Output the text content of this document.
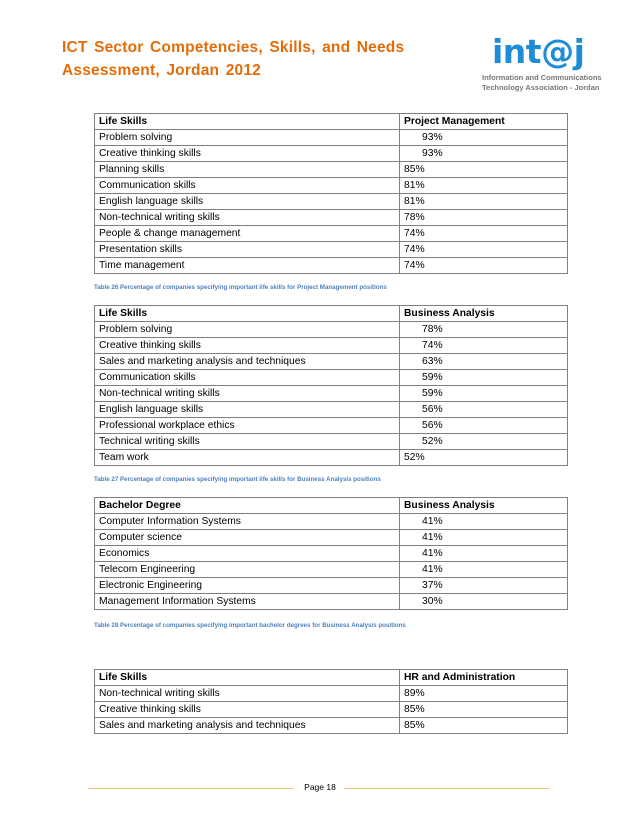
ICT Sector Competencies, Skills, and Needs Assessment, Jordan 2012	int@j
Information and Communications
Technology Association - Jordan
Life Skills	Project Management
Problem solving	93%
Creative thinking skills	93%
Planning skills	85%
Communication skills	81%
English language skills	81%
Non-technical writing skills	78%
People & change management	74%
Presentation skills	74%
Time management	74%
Table 26 Percentage of companies specifying important life skills for Project Management positions
Life Skills	Business Analysis
Problem solving	78%
Creative thinking skills	74%
Sales and marketing analysis and techniques	63%
Communication skills	59%
Non-technical writing skills	59%
English language skills	56%
Professional workplace ethics	56%
Technical writing skills	52%
Team work	52%
Table 27 Percentage of companies specifying important life skills for Business Analysis positions
Bachelor Degree	Business Analysis
Computer Information Systems	41%
Computer science	41%
Economics	41%
Telecom Engineering	41%
Electronic Engineering	37%
Management Information Systems	30%
Table 28 Percentage of companies specifying important bachelor degrees for Business Analysis positions
Life Skills	HR and Administration
Non-technical writing skills	89%
Creative thinking skills	85%
Sales and marketing analysis and techniques	85%
Page 18
